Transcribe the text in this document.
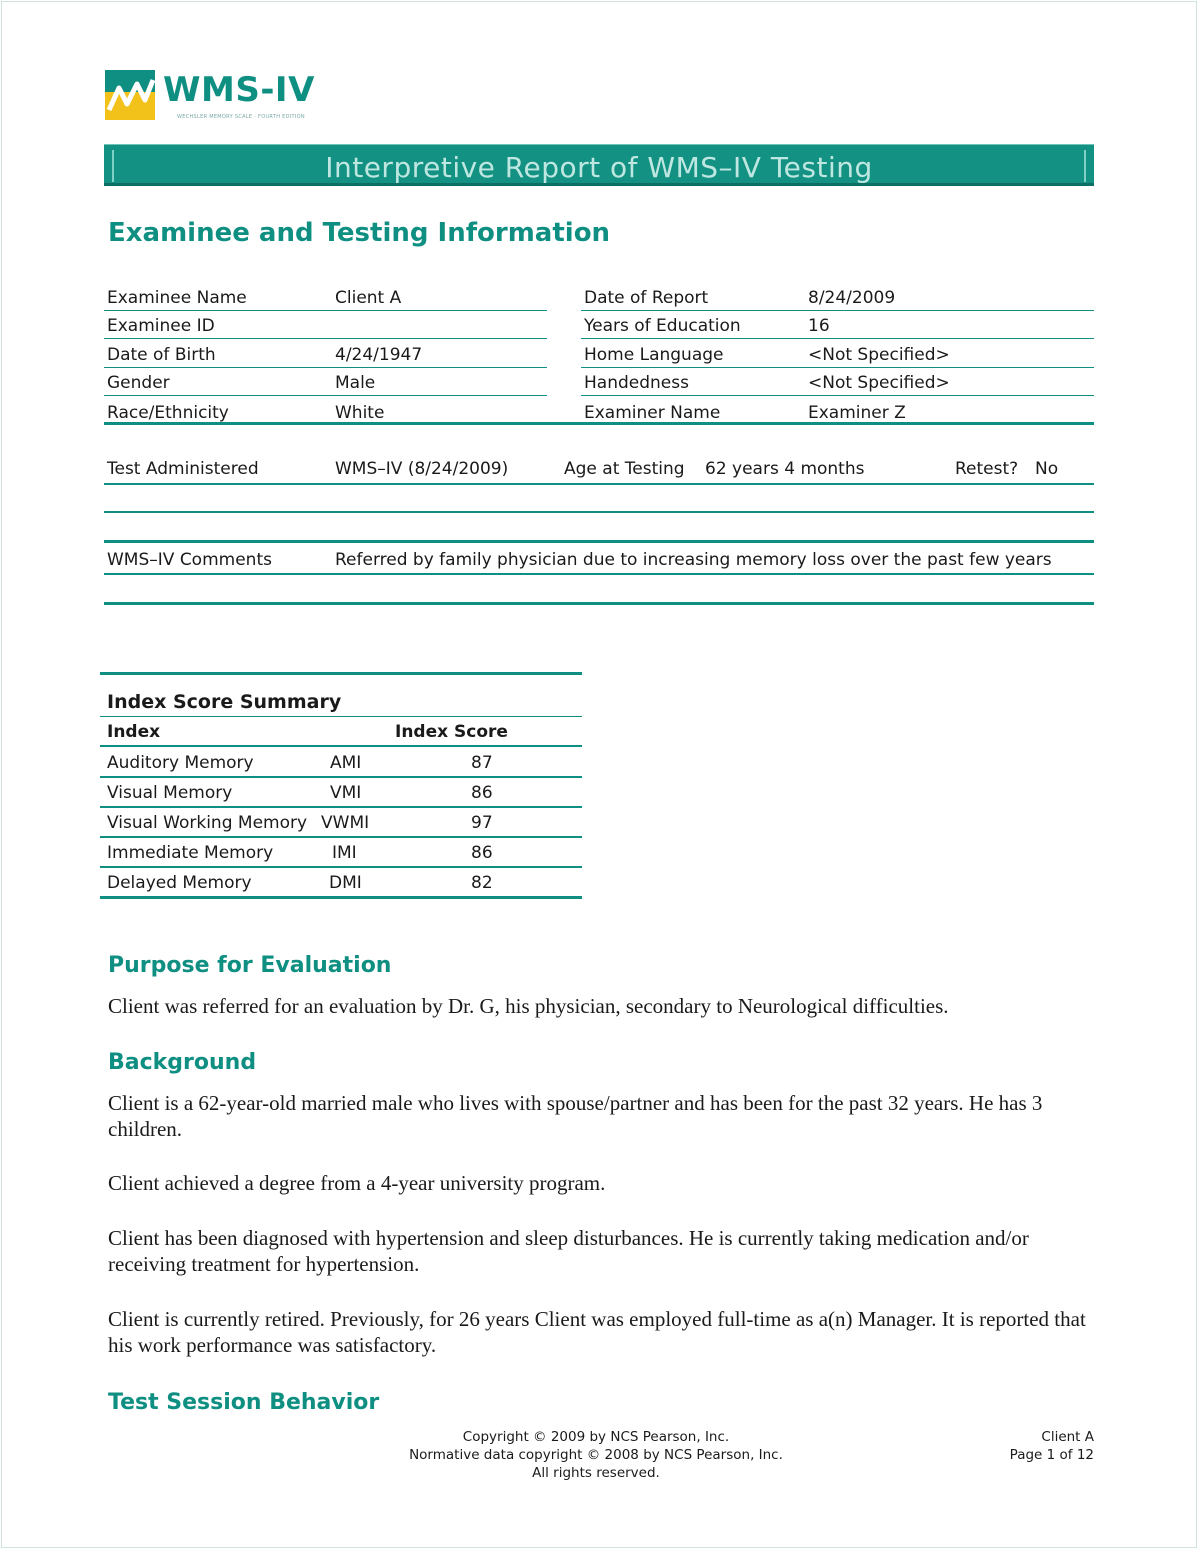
WMS-IV
WECHSLER MEMORY SCALE · FOURTH EDITION
Interpretive Report of WMS–IV Testing
Examinee and Testing Information
Examinee Name	Client A
Examinee ID
Date of Birth	4/24/1947
Gender	Male
Race/Ethnicity	White
Date of Report	8/24/2009
Years of Education	16
Home Language	<Not Specified>
Handedness	<Not Specified>
Examiner Name	Examiner Z
Test Administered	WMS–IV (8/24/2009)	Age at Testing 62 years 4 months	Retest? No
WMS–IV Comments	Referred by family physician due to increasing memory loss over the past few years
Index Score Summary
Index	Index Score
Auditory Memory	AMI	87
Visual Memory	VMI	86
Visual Working Memory VWMI	97
Immediate Memory	IMI	86
Delayed Memory	DMI	82
Purpose for Evaluation

Client was referred for an evaluation by Dr. G, his physician, secondary to Neurological difficulties.

Background

Client is a 62-year-old married male who lives with spouse/partner and has been for the past 32 years. He has 3 children.

Client achieved a degree from a 4-year university program.

Client has been diagnosed with hypertension and sleep disturbances. He is currently taking medication and/or receiving treatment for hypertension.

Client is currently retired. Previously, for 26 years Client was employed full-time as a(n) Manager. It is reported that his work performance was satisfactory.

Test Session Behavior
Copyright © 2009 by NCS Pearson, Inc.
Normative data copyright © 2008 by NCS Pearson, Inc.
All rights reserved.
Client A
Page 1 of 12
